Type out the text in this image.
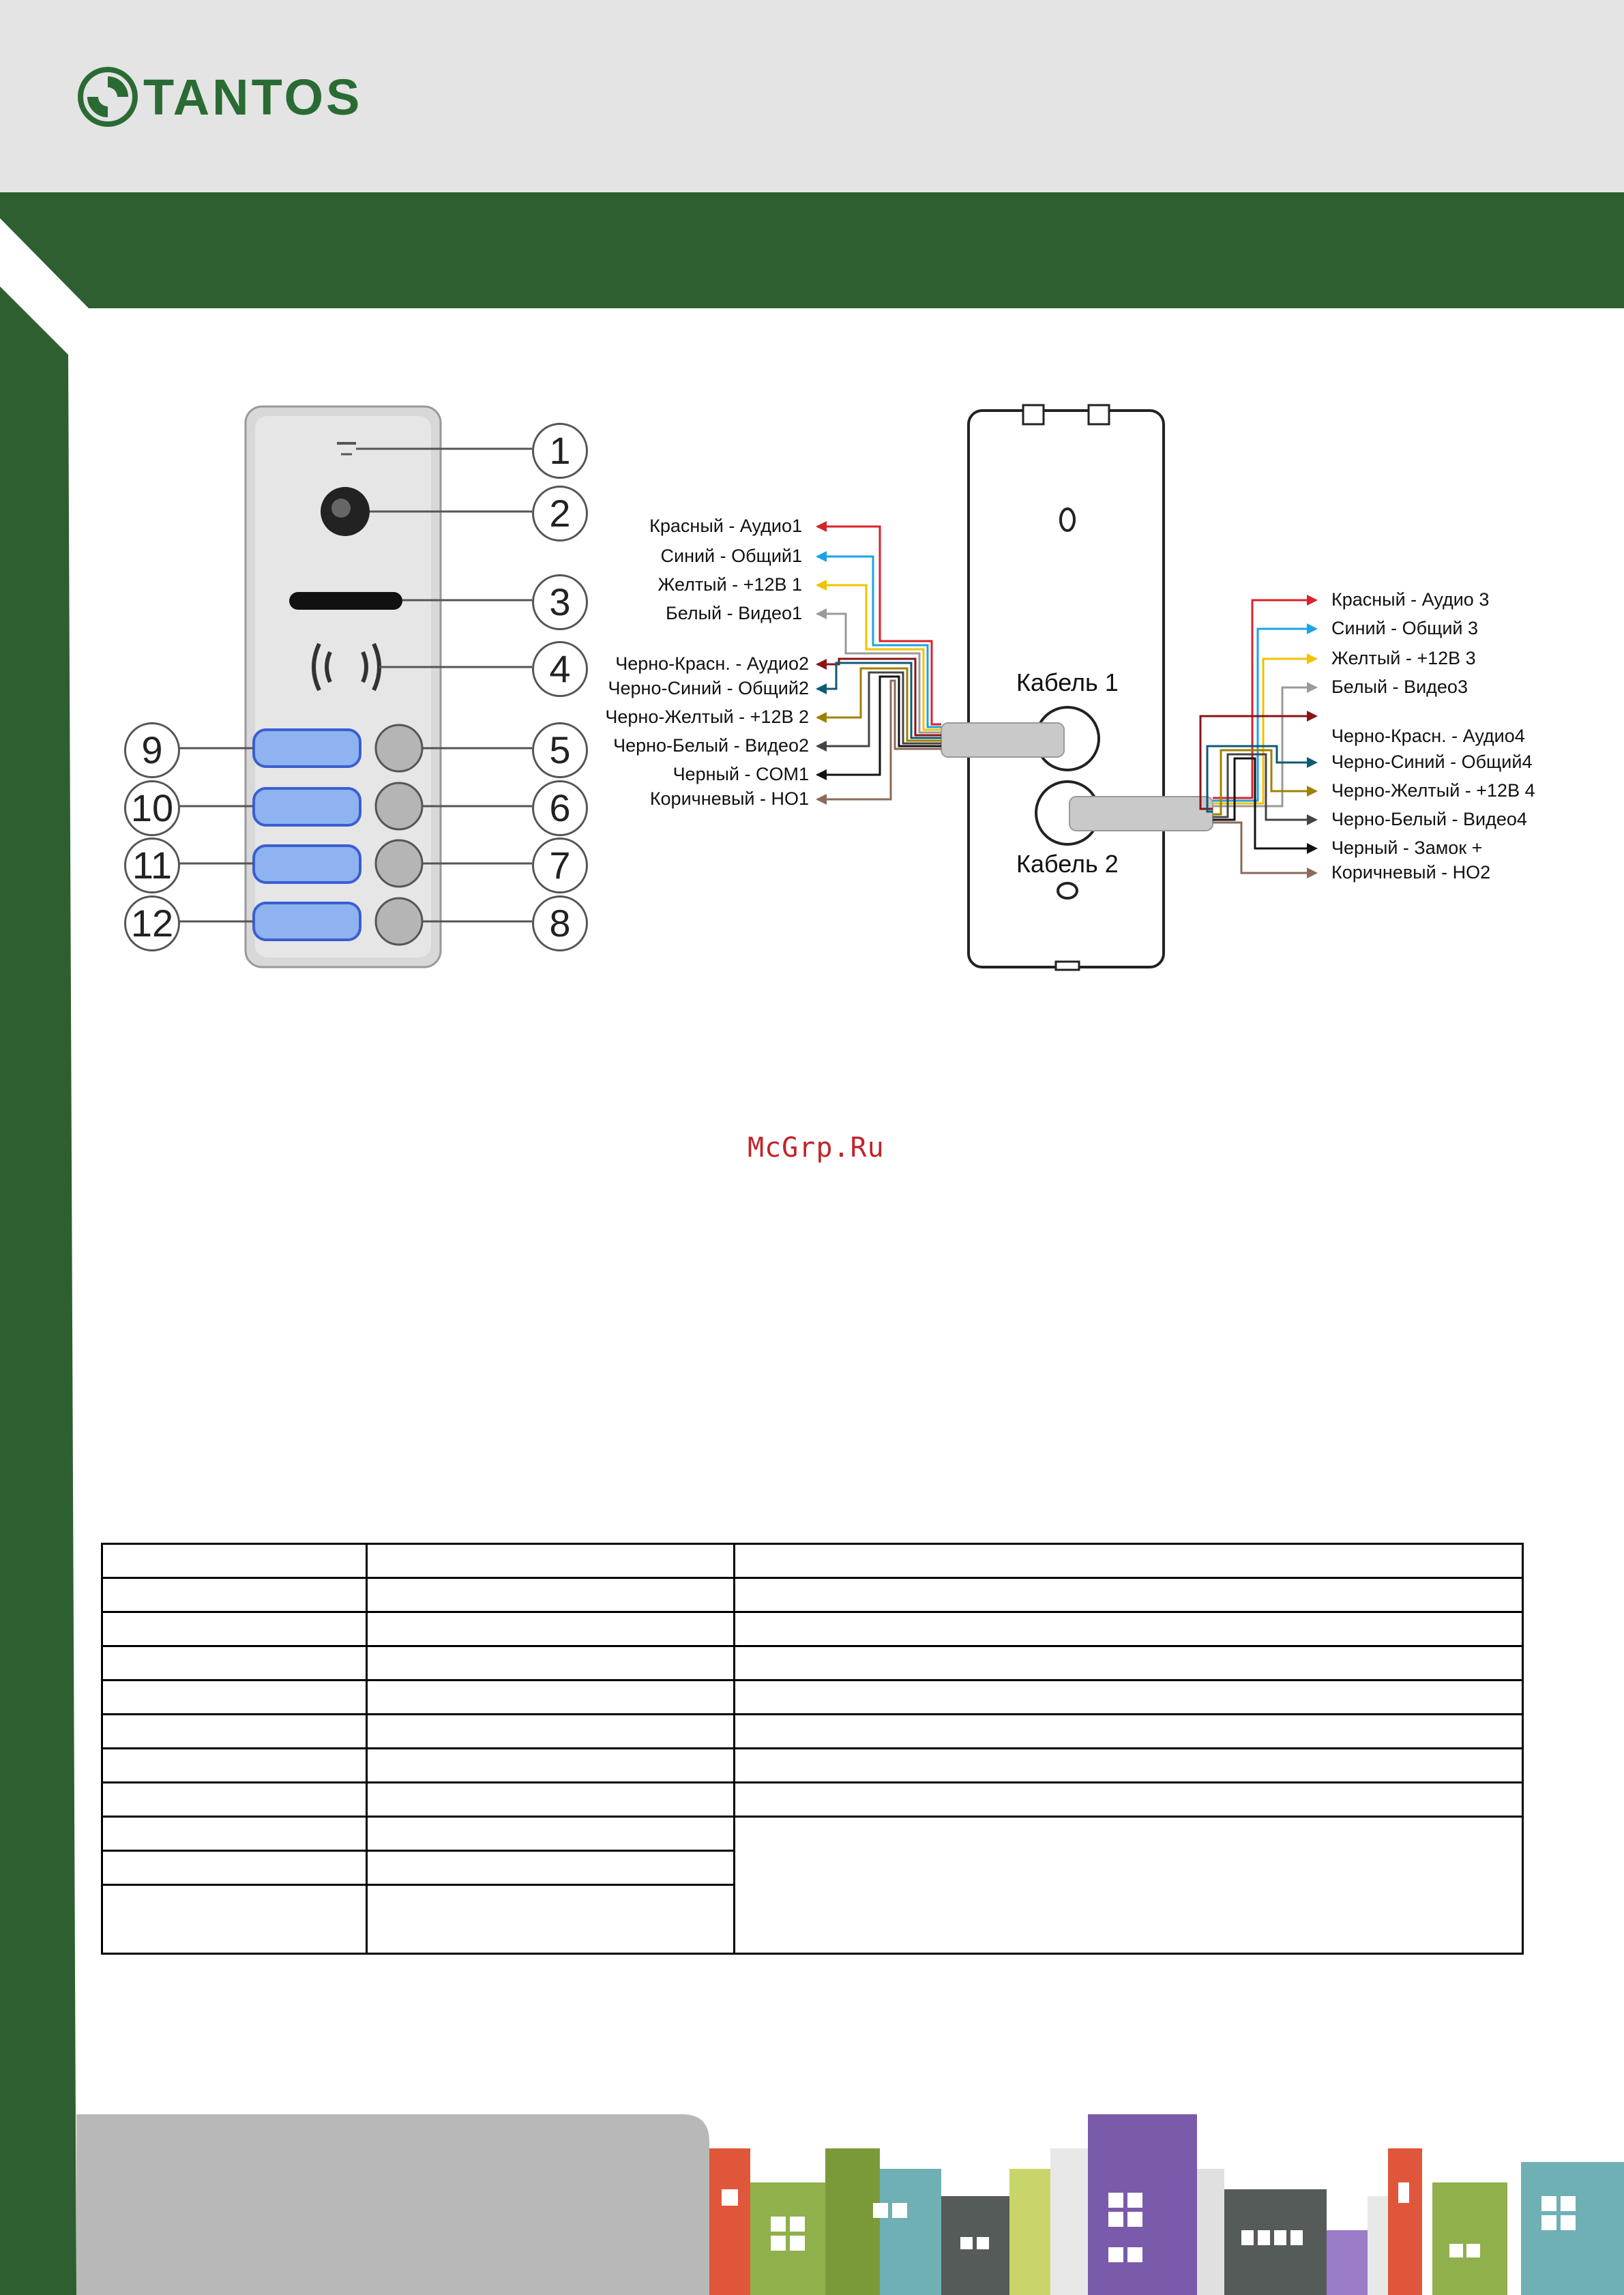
TANTOS
1
2
3
4
5
6
7
8
9
10
11
12
Кабель 1
Кабель 2
Красный - Аудио1
Синий - Общий1
Желтый - +12В 1
Белый - Видео1
Черно-Красн. - Аудио2
Черно-Синий - Общий2
Черно-Желтый - +12В 2
Черно-Белый - Видео2
Черный - COM1
Коричневый - НО1
Красный - Аудио 3
Синий - Общий 3
Желтый - +12В 3
Белый - Видео3
Черно-Красн. - Аудио4
Черно-Синий - Общий4
Черно-Желтый - +12В 4
Черно-Белый - Видео4
Черный - Замок +
Коричневый - НО2
McGrp.Ru
